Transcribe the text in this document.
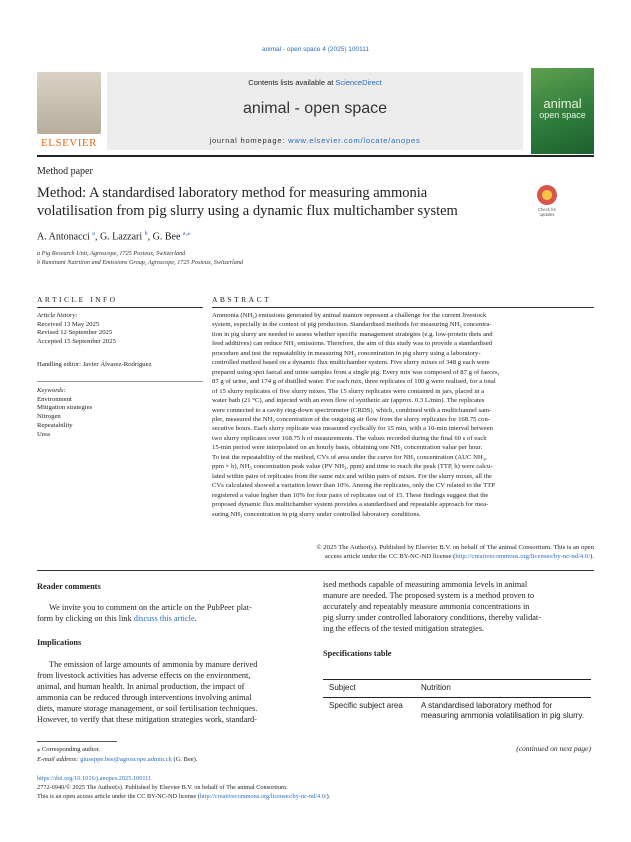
animal - open space 4 (2025) 100111
ELSEVIER
Contents lists available at ScienceDirect
animal - open space
journal homepage: www.elsevier.com/locate/anopes
animal
open space
Method paper
Method: A standardised laboratory method for measuring ammonia
volatilisation from pig slurry using a dynamic flux multichamber system	Check for updates
A. Antonacci $^a$, G. Lazzari $^b$, G. Bee $^{a,⁎}$
a Pig Research Unit, Agroscope, 1725 Posieux, Switzerland
b Ruminant Nutrition and Emissions Group, Agroscope, 1725 Posieux, Switzerland
ARTICLE INFO	ABSTRACT
Article history:
Received 13 May 2025
Revised 12 September 2025
Accepted 15 September 2025
Handling editor: Javier Álvarez-Rodríguez
Keywords:
Environment
Mitigation strategies
Nitrogen
Repeatability
Urea
Ammonia (NH₃) emissions generated by animal manure represent a challenge for the current livestock
system, especially in the context of pig production. Standardised methods for measuring NH₃ concentra-
tion in pig slurry are needed to assess whether specific management strategies (e.g. low-protein diets and
feed additives) can reduce NH₃ emissions. Therefore, the aim of this study was to provide a standardised
procedure and test the repeatability in measuring NH₃ concentration in pig slurry using a laboratory-
controlled method based on a dynamic flux multichamber system. Five slurry mixes of 348 g each were
prepared using spot faecal and urine samples from a single pig. Every mix was composed of 87 g of faeces,
87 g of urine, and 174 g of distilled water. For each mix, three replicates of 100 g were realised, for a total
of 15 slurry replicates of five slurry mixes. The 15 slurry replicates were contained in jars, placed in a
water bath (21 °C), and injected with an even flow of synthetic air (approx. 0.3 L/min). The replicates
were connected to a cavity ring-down spectrometer (CRDS), which, combined with a multichannel sam-
pler, measured the NH₃ concentration of the outgoing air flow from the slurry replicates for 168.75 con-
secutive hours. Each slurry replicate was measured cyclically for 15 min, with a 10-min interval between
two slurry replicates over 168.75 h of measurements. The values recorded during the final 60 s of each
15-min period were interpolated on an hourly basis, obtaining one NH₃ concentration value per hour.
To test the repeatability of the method, CVs of area under the curve for NH₃ concentration (AUC NH₃,
ppm × h), NH₃ concentration peak value (PV NH₃, ppm) and time to reach the peak (TTP, h) were calcu-
lated within pairs of replicates from the same mix and within pairs of mixes. For the slurry mixes, all the
CVs calculated showed a variation lower than 10%. Among the replicates, only the CV related to the TTP
registered a value higher than 10% for four pairs of replicates out of 15. These findings suggest that the
proposed dynamic flux multichamber system provides a standardised and repeatable approach for mea-
suring NH₃ concentration in pig slurry under controlled laboratory conditions.
© 2025 The Author(s). Published by Elsevier B.V. on behalf of The animal Consortium. This is an open
access article under the CC BY-NC-ND license (http://creativecommons.org/licenses/by-nc-nd/4.0/).
Reader comments
We invite you to comment on the article on the PubPeer plat-
form by clicking on this link discuss this article.
Implications
The emission of large amounts of ammonia by manure derived
from livestock activities has adverse effects on the environment,
animal, and human health. In animal production, the impact of
ammonia can be reduced through interventions involving animal
diets, manure storage management, or soil fertilisation techniques.
However, to verify that these mitigation strategies work, standard-
ised methods capable of measuring ammonia levels in animal
manure are needed. The proposed system is a method proven to
accurately and repeatably measure ammonia concentrations in
pig slurry under controlled laboratory conditions, thereby validat-
ing the effects of the tested mitigation strategies.
Specifications table
Subject	Nutrition
Specific subject area	A standardised laboratory method for measuring ammonia volatilisation in pig slurry.
(continued on next page)
⁎ Corresponding author.
E-mail address: giuseppe.bee@agroscope.admin.ch (G. Bee).
https://doi.org/10.1016/j.anopes.2025.100111
2772-6940/© 2025 The Author(s). Published by Elsevier B.V. on behalf of The animal Consortium.
This is an open access article under the CC BY-NC-ND license (http://creativecommons.org/licenses/by-nc-nd/4.0/).
